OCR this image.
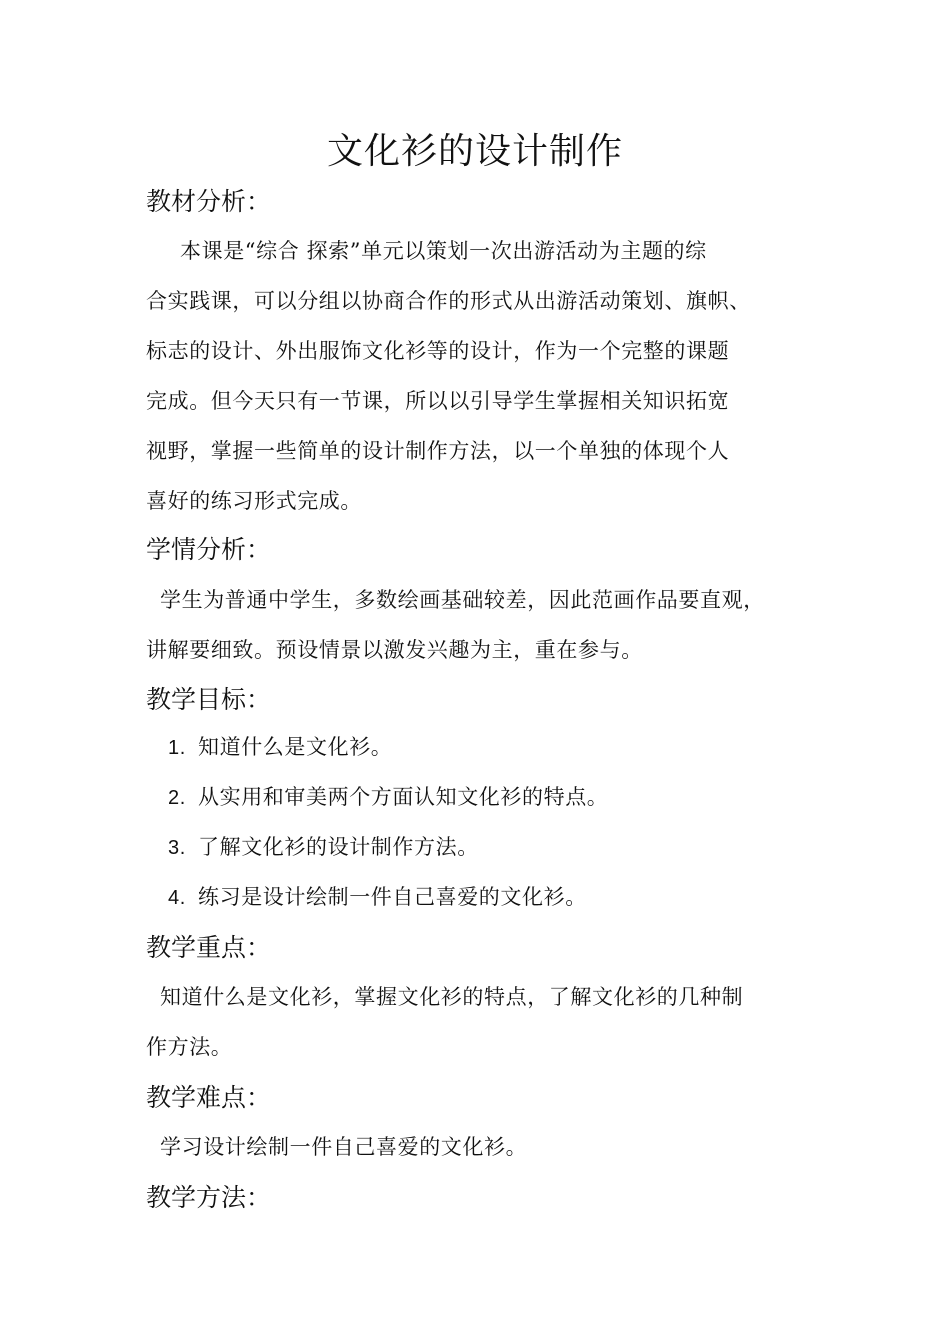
文化衫的设计制作
教材分析：
本课是“综合 探索”单元以策划一次出游活动为主题的综
合实践课，可以分组以协商合作的形式从出游活动策划、旗帜、
标志的设计、外出服饰文化衫等的设计，作为一个完整的课题
完成。但今天只有一节课，所以以引导学生掌握相关知识拓宽
视野，掌握一些简单的设计制作方法，以一个单独的体现个人
喜好的练习形式完成。
学情分析：
学生为普通中学生，多数绘画基础较差，因此范画作品要直观，
讲解要细致。预设情景以激发兴趣为主，重在参与。
教学目标：
1. 知道什么是文化衫。
2. 从实用和审美两个方面认知文化衫的特点。
3. 了解文化衫的设计制作方法。
4. 练习是设计绘制一件自己喜爱的文化衫。
教学重点：
知道什么是文化衫，掌握文化衫的特点，了解文化衫的几种制
作方法。
教学难点：
学习设计绘制一件自己喜爱的文化衫。
教学方法：
